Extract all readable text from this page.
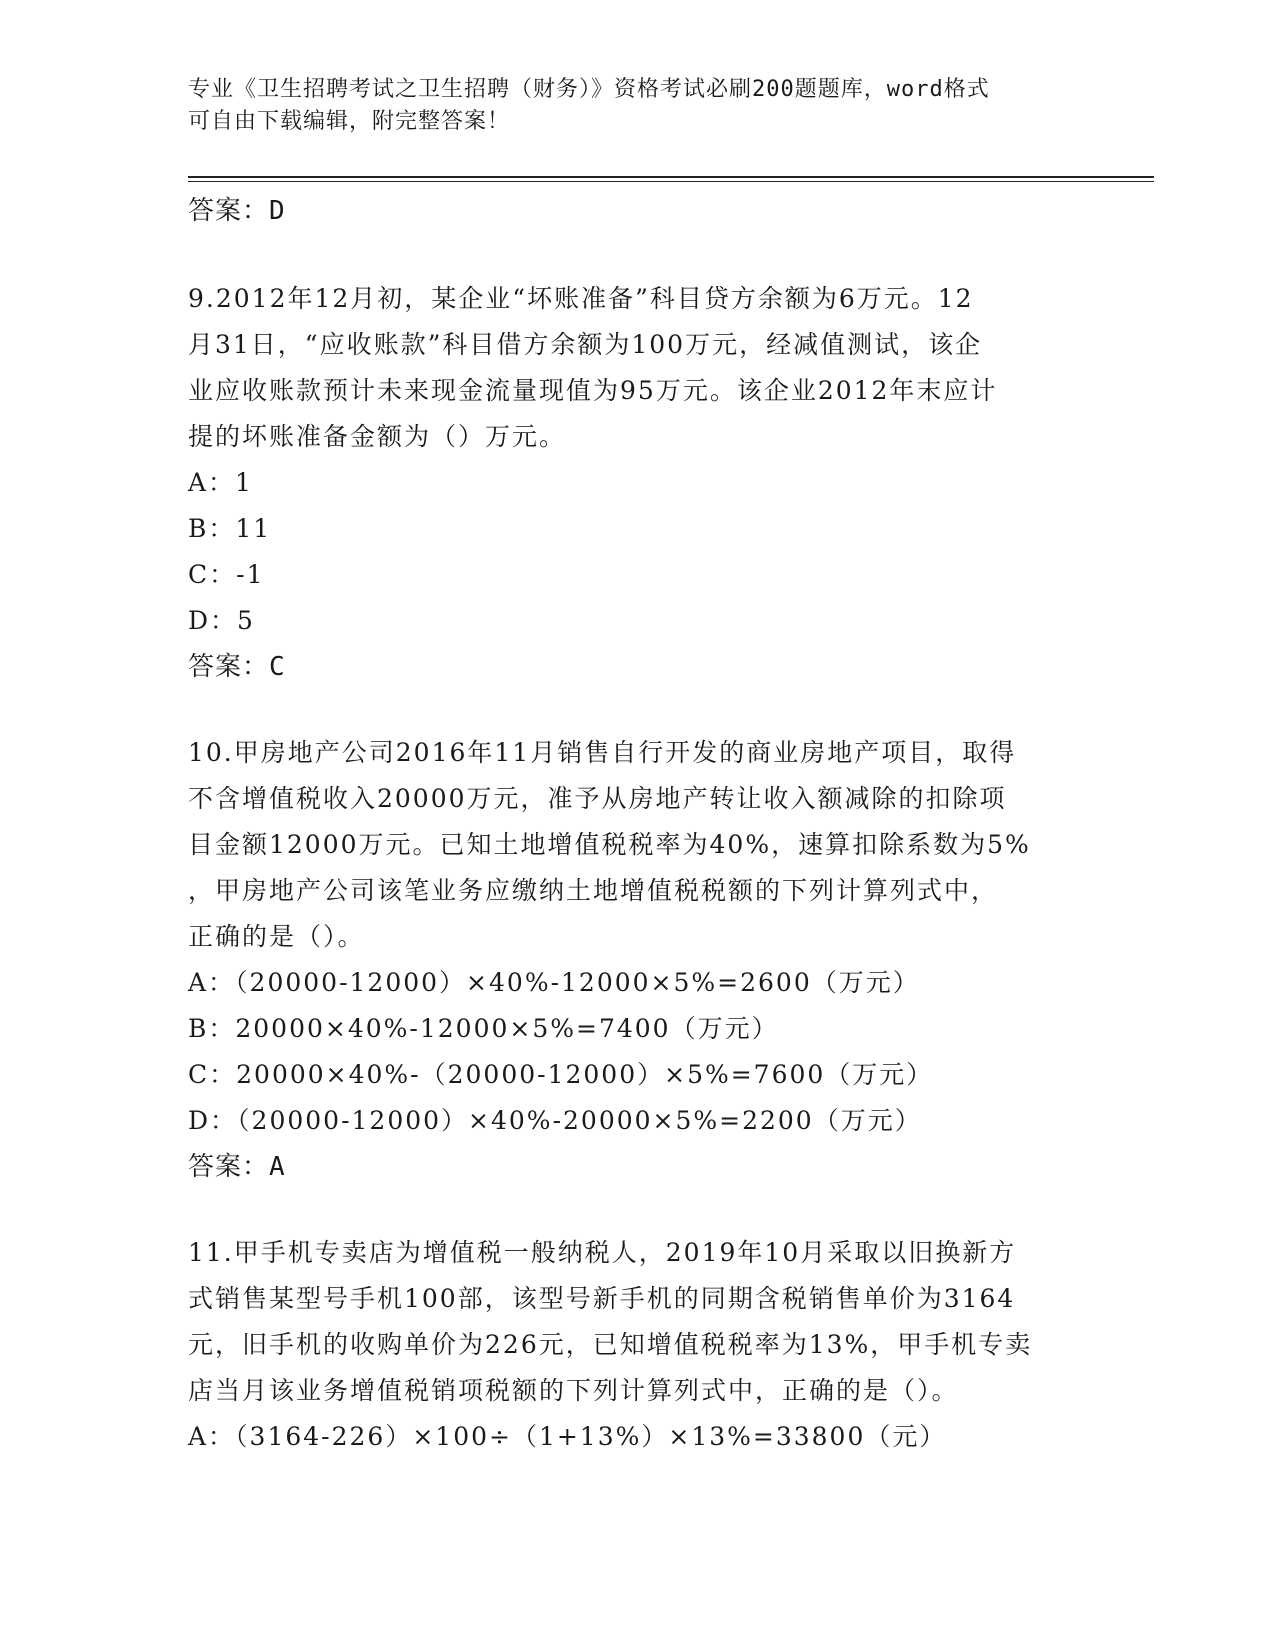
专业《卫生招聘考试之卫生招聘（财务）》资格考试必刷200题题库，word格式
可自由下载编辑，附完整答案！
答案：D
9.2012年12月初，某企业“坏账准备”科目贷方余额为6万元。12
月31日，“应收账款”科目借方余额为100万元，经减值测试，该企
业应收账款预计未来现金流量现值为95万元。该企业2012年末应计
提的坏账准备金额为（）万元。
A：1
B：11
C：-1
D：5
答案：C
10.甲房地产公司2016年11月销售自行开发的商业房地产项目，取得
不含增值税收入20000万元，准予从房地产转让收入额减除的扣除项
目金额12000万元。已知土地增值税税率为40%，速算扣除系数为5%
，甲房地产公司该笔业务应缴纳土地增值税税额的下列计算列式中，
正确的是（）。
A：（20000-12000）×40%-12000×5%=2600（万元）
B：20000×40%-12000×5%=7400（万元）
C：20000×40%-（20000-12000）×5%=7600（万元）
D：（20000-12000）×40%-20000×5%=2200（万元）
答案：A
11.甲手机专卖店为增值税一般纳税人，2019年10月采取以旧换新方
式销售某型号手机100部，该型号新手机的同期含税销售单价为3164
元，旧手机的收购单价为226元，已知增值税税率为13%，甲手机专卖
店当月该业务增值税销项税额的下列计算列式中，正确的是（）。
A：（3164-226）×100÷（1+13%）×13%=33800（元）
